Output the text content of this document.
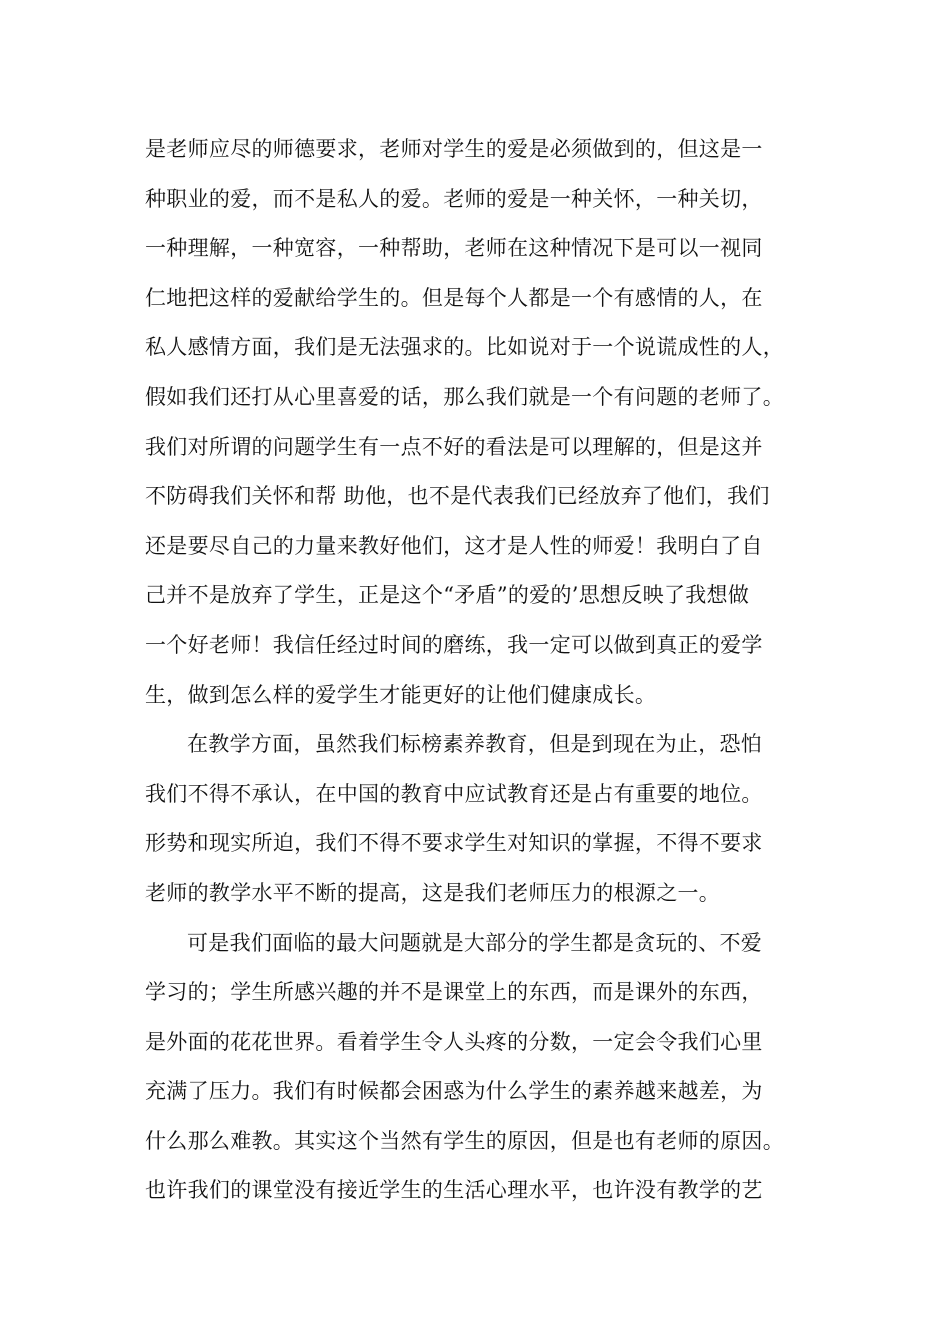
是老师应尽的师德要求，老师对学生的爱是必须做到的，但这是一
种职业的爱，而不是私人的爱。老师的爱是一种关怀，一种关切，
一种理解，一种宽容，一种帮助，老师在这种情况下是可以一视同
仁地把这样的爱献给学生的。但是每个人都是一个有感情的人，在
私人感情方面，我们是无法强求的。比如说对于一个说谎成性的人，
假如我们还打从心里喜爱的话，那么我们就是一个有问题的老师了。
我们对所谓的问题学生有一点不好的看法是可以理解的，但是这并
不防碍我们关怀和帮 助他，也不是代表我们已经放弃了他们，我们
还是要尽自己的力量来教好他们，这才是人性的师爱！我明白了自
己并不是放弃了学生，正是这个“矛盾”的爱的’思想反映了我想做
一个好老师！我信任经过时间的磨练，我一定可以做到真正的爱学
生，做到怎么样的爱学生才能更好的让他们健康成长。
在教学方面，虽然我们标榜素养教育，但是到现在为止，恐怕
我们不得不承认，在中国的教育中应试教育还是占有重要的地位。
形势和现实所迫，我们不得不要求学生对知识的掌握，不得不要求
老师的教学水平不断的提高，这是我们老师压力的根源之一。
可是我们面临的最大问题就是大部分的学生都是贪玩的、不爱
学习的；学生所感兴趣的并不是课堂上的东西，而是课外的东西，
是外面的花花世界。看着学生令人头疼的分数，一定会令我们心里
充满了压力。我们有时候都会困惑为什么学生的素养越来越差，为
什么那么难教。其实这个当然有学生的原因，但是也有老师的原因。
也许我们的课堂没有接近学生的生活心理水平，也许没有教学的艺
